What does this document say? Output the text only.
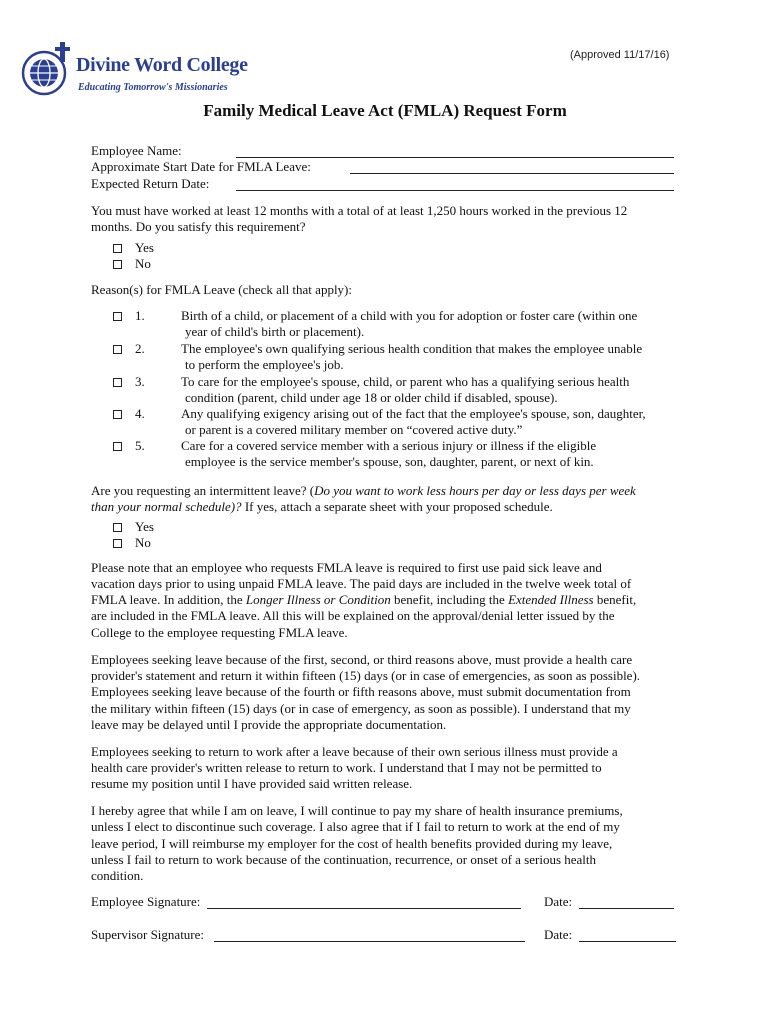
Divine Word College
Educating Tomorrow's Missionaries
(Approved 11/17/16)
Family Medical Leave Act (FMLA) Request Form
Employee Name:
Approximate Start Date for FMLA Leave:
Expected Return Date:
You must have worked at least 12 months with a total of at least 1,250 hours worked in the previous 12
months. Do you satisfy this requirement?
Yes
No
Reason(s) for FMLA Leave (check all that apply):
1.	Birth of a child, or placement of a child with you for adoption or foster care (within one
year of child's birth or placement).
2.	The employee's own qualifying serious health condition that makes the employee unable
to perform the employee's job.
3.	To care for the employee's spouse, child, or parent who has a qualifying serious health
condition (parent, child under age 18 or older child if disabled, spouse).
4.	Any qualifying exigency arising out of the fact that the employee's spouse, son, daughter,
or parent is a covered military member on “covered active duty.”
5.	Care for a covered service member with a serious injury or illness if the eligible
employee is the service member's spouse, son, daughter, parent, or next of kin.
Are you requesting an intermittent leave? (Do you want to work less hours per day or less days per week
than your normal schedule)? If yes, attach a separate sheet with your proposed schedule.
Yes
No
Please note that an employee who requests FMLA leave is required to first use paid sick leave and
vacation days prior to using unpaid FMLA leave. The paid days are included in the twelve week total of
FMLA leave. In addition, the Longer Illness or Condition benefit, including the Extended Illness benefit,
are included in the FMLA leave. All this will be explained on the approval/denial letter issued by the
College to the employee requesting FMLA leave.
Employees seeking leave because of the first, second, or third reasons above, must provide a health care
provider's statement and return it within fifteen (15) days (or in case of emergencies, as soon as possible).
Employees seeking leave because of the fourth or fifth reasons above, must submit documentation from
the military within fifteen (15) days (or in case of emergency, as soon as possible). I understand that my
leave may be delayed until I provide the appropriate documentation.
Employees seeking to return to work after a leave because of their own serious illness must provide a
health care provider's written release to return to work. I understand that I may not be permitted to
resume my position until I have provided said written release.
I hereby agree that while I am on leave, I will continue to pay my share of health insurance premiums,
unless I elect to discontinue such coverage. I also agree that if I fail to return to work at the end of my
leave period, I will reimburse my employer for the cost of health benefits provided during my leave,
unless I fail to return to work because of the continuation, recurrence, or onset of a serious health
condition.
Employee Signature:	Date:
Supervisor Signature:	Date:
